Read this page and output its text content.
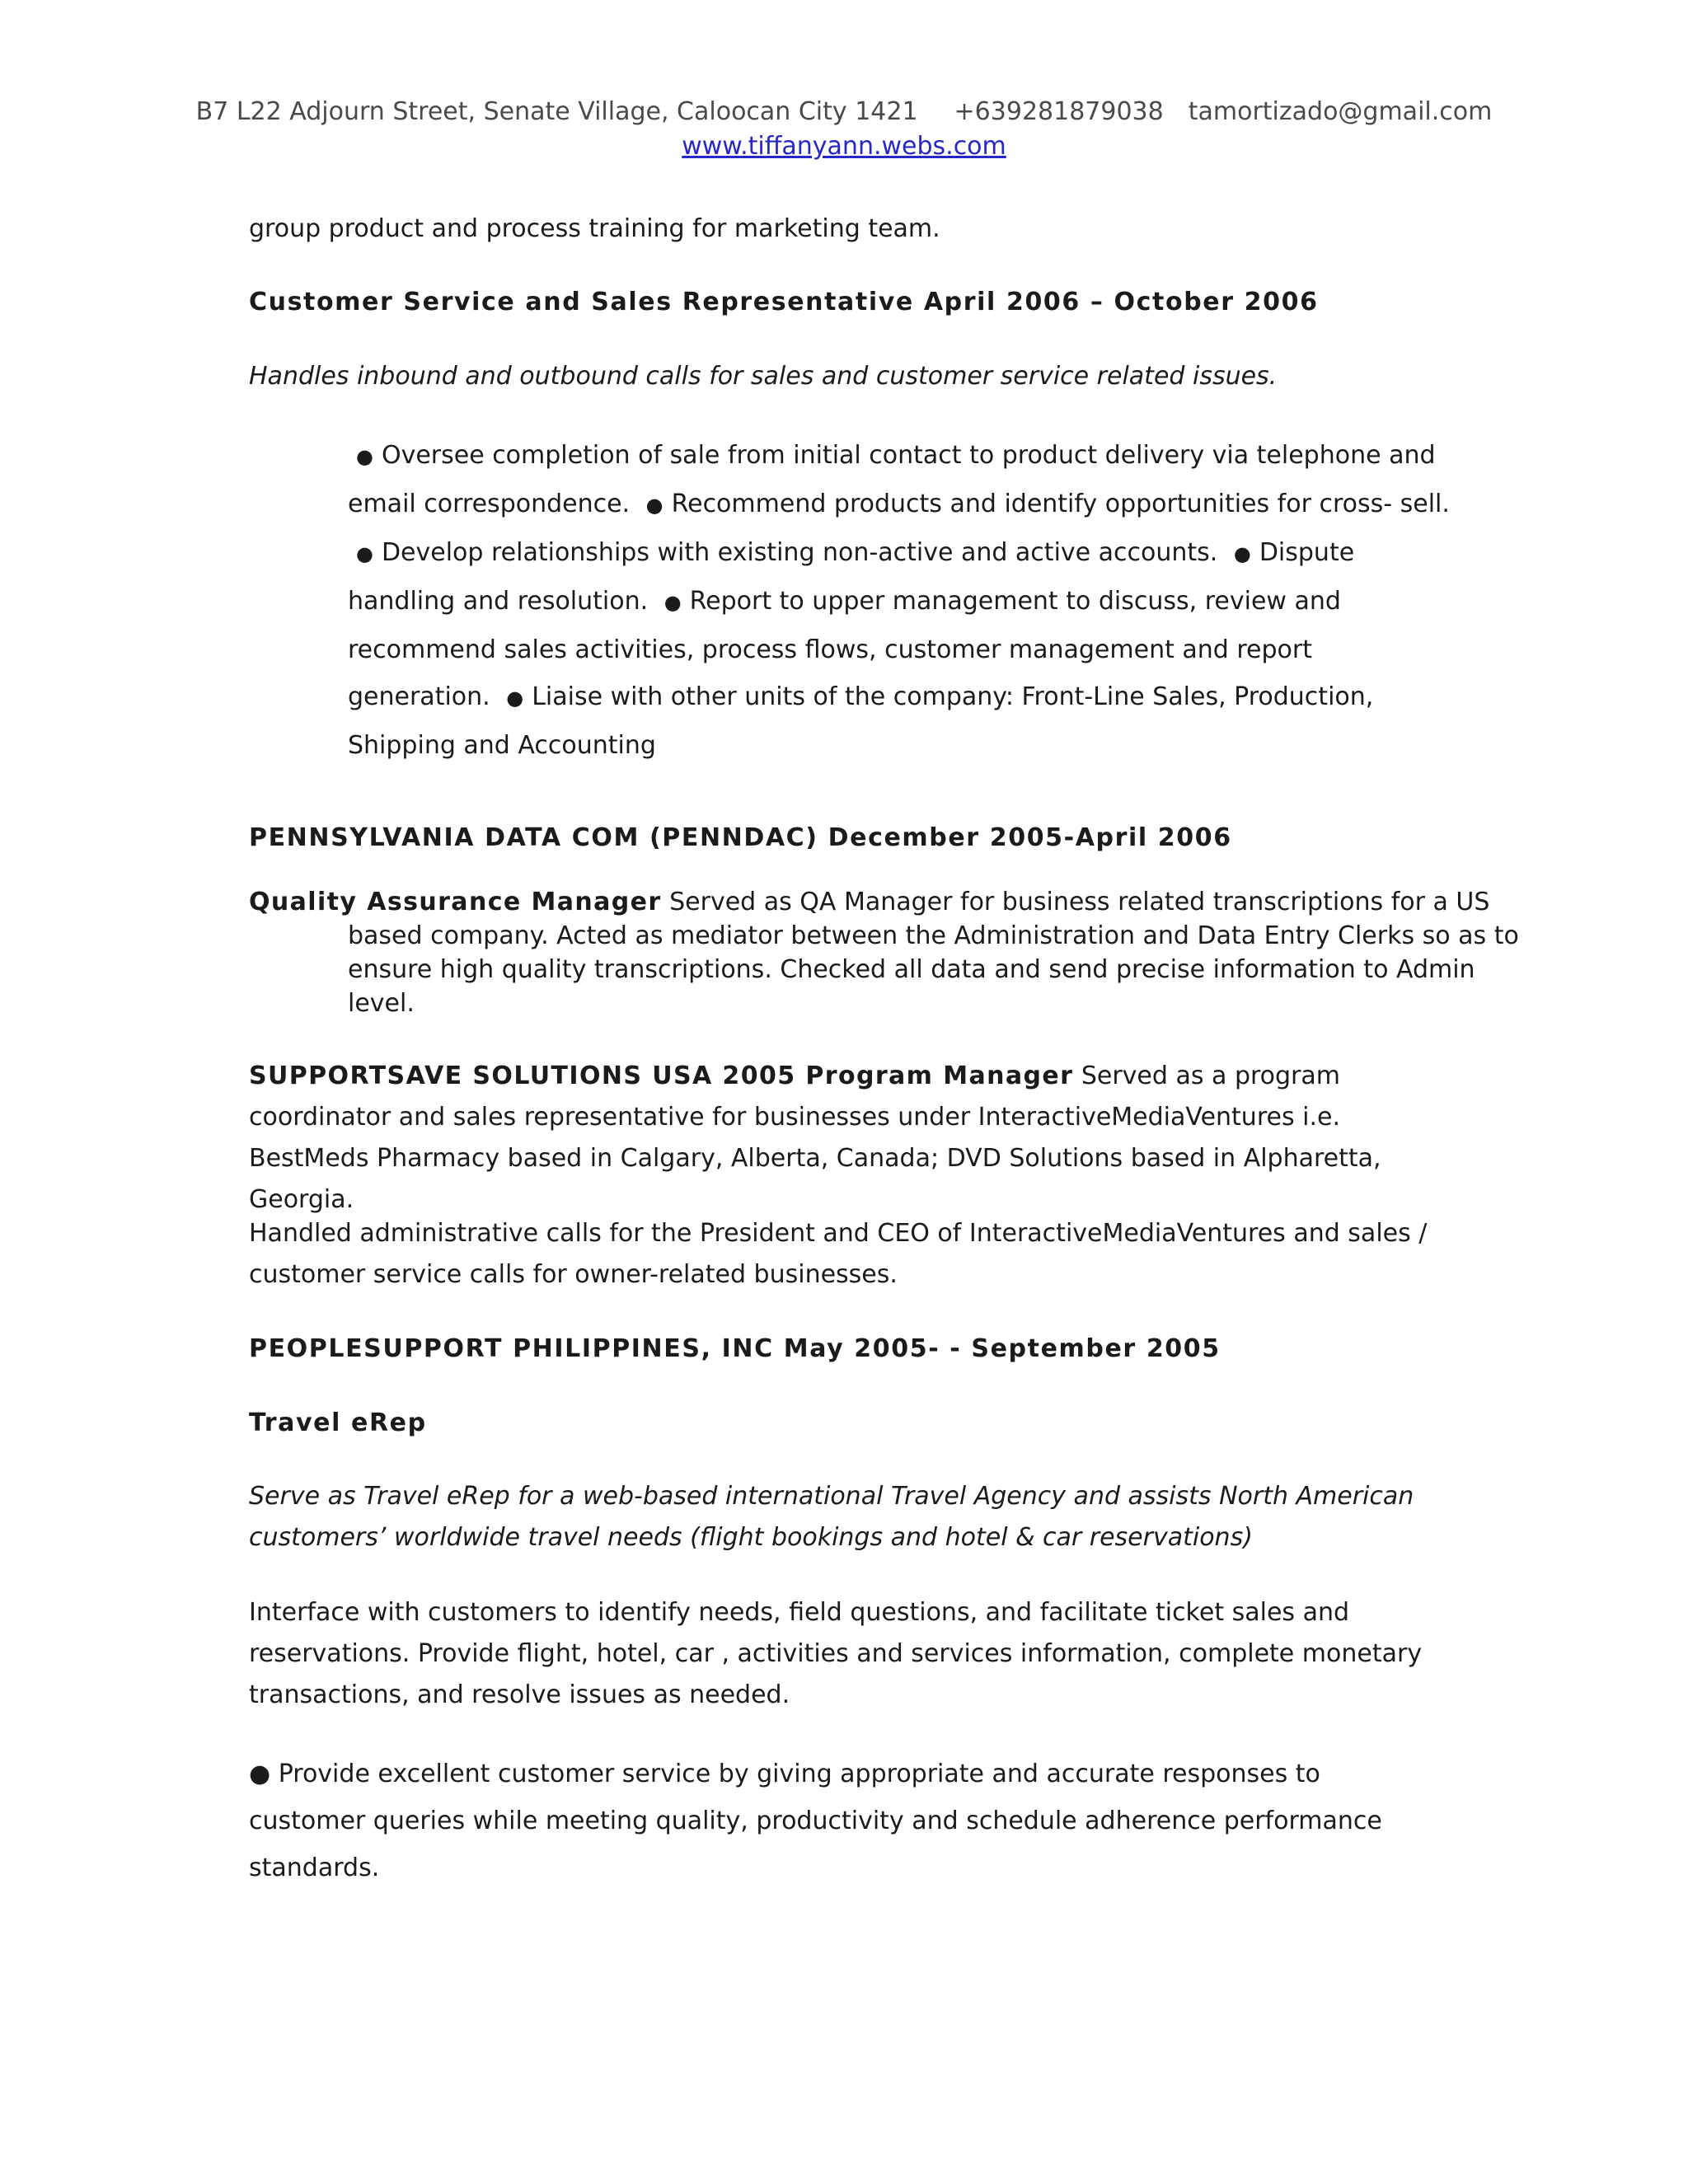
B7 L22 Adjourn Street, Senate Village, Caloocan City 1421 +639281879038 tamortizado@gmail.com
www.tiffanyann.webs.com

group product and process training for marketing team.

Customer Service and Sales Representative April 2006 – October 2006

Handles inbound and outbound calls for sales and customer service related issues.

● Oversee completion of sale from initial contact to product delivery via telephone and email correspondence. ● Recommend products and identify opportunities for cross- sell. ● Develop relationships with existing non-active and active accounts. ● Dispute handling and resolution. ● Report to upper management to discuss, review and recommend sales activities, process flows, customer management and report generation. ● Liaise with other units of the company: Front-Line Sales, Production, Shipping and Accounting

PENNSYLVANIA DATA COM (PENNDAC) December 2005-April 2006

Quality Assurance Manager Served as QA Manager for business related transcriptions for a US based company. Acted as mediator between the Administration and Data Entry Clerks so as to ensure high quality transcriptions. Checked all data and send precise information to Admin level.

SUPPORTSAVE SOLUTIONS USA 2005 Program Manager Served as a program coordinator and sales representative for businesses under InteractiveMediaVentures i.e. BestMeds Pharmacy based in Calgary, Alberta, Canada; DVD Solutions based in Alpharetta, Georgia.

Handled administrative calls for the President and CEO of InteractiveMediaVentures and sales / customer service calls for owner-related businesses.

PEOPLESUPPORT PHILIPPINES, INC May 2005- - September 2005

Travel eRep

Serve as Travel eRep for a web-based international Travel Agency and assists North American customers’ worldwide travel needs (flight bookings and hotel & car reservations)

Interface with customers to identify needs, field questions, and facilitate ticket sales and reservations. Provide flight, hotel, car , activities and services information, complete monetary transactions, and resolve issues as needed.

● Provide excellent customer service by giving appropriate and accurate responses to customer queries while meeting quality, productivity and schedule adherence performance standards.
